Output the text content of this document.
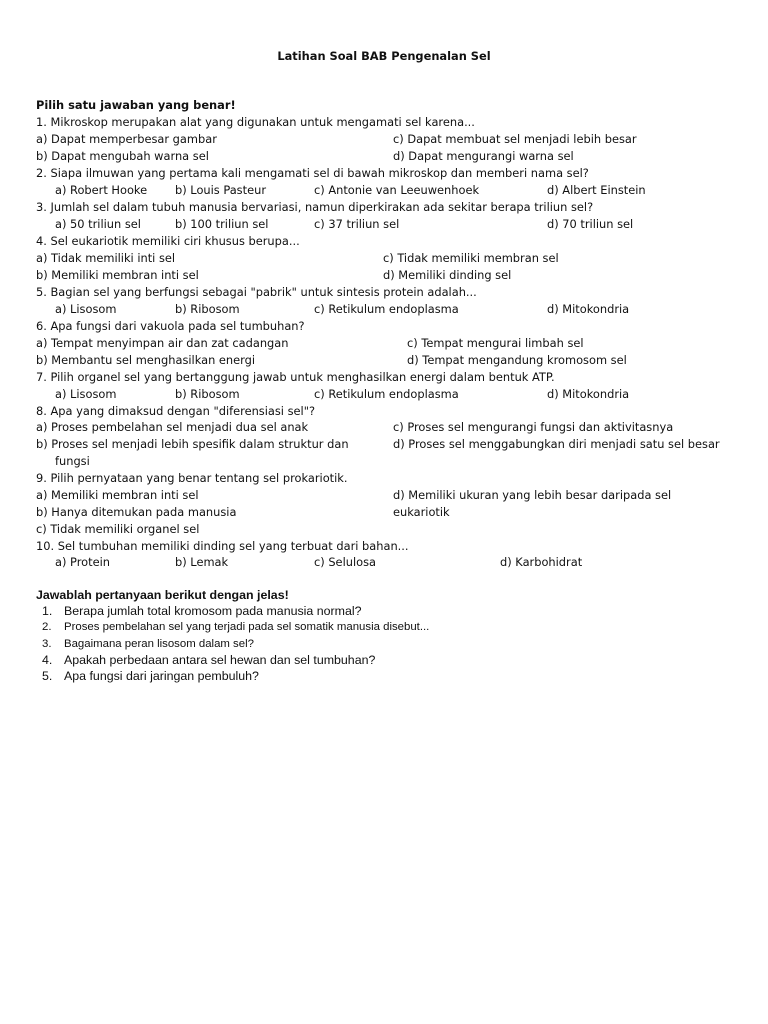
Latihan Soal BAB Pengenalan Sel
Pilih satu jawaban yang benar!
1. Mikroskop merupakan alat yang digunakan untuk mengamati sel karena...
a) Dapat memperbesar gambar	c) Dapat membuat sel menjadi lebih besar
b) Dapat mengubah warna sel	d) Dapat mengurangi warna sel
2. Siapa ilmuwan yang pertama kali mengamati sel di bawah mikroskop dan memberi nama sel?
a) Robert Hooke b) Louis Pasteur	c) Antonie van Leeuwenhoek	d) Albert Einstein
3. Jumlah sel dalam tubuh manusia bervariasi, namun diperkirakan ada sekitar berapa triliun sel?
a) 50 triliun sel	b) 100 triliun sel	c) 37 triliun sel	d) 70 triliun sel
4. Sel eukariotik memiliki ciri khusus berupa...
a) Tidak memiliki inti sel	c) Tidak memiliki membran sel
b) Memiliki membran inti sel	d) Memiliki dinding sel
5. Bagian sel yang berfungsi sebagai "pabrik" untuk sintesis protein adalah...
a) Lisosom	b) Ribosom	c) Retikulum endoplasma	d) Mitokondria
6. Apa fungsi dari vakuola pada sel tumbuhan?
a) Tempat menyimpan air dan zat cadangan	c) Tempat mengurai limbah sel
b) Membantu sel menghasilkan energi	d) Tempat mengandung kromosom sel
7. Pilih organel sel yang bertanggung jawab untuk menghasilkan energi dalam bentuk ATP.
a) Lisosom	b) Ribosom	c) Retikulum endoplasma	d) Mitokondria
8. Apa yang dimaksud dengan "diferensiasi sel"?
a) Proses pembelahan sel menjadi dua sel anak	c) Proses sel mengurangi fungsi dan aktivitasnya
b) Proses sel menjadi lebih spesifik dalam struktur dan	d) Proses sel menggabungkan diri menjadi satu sel besar
fungsi
9. Pilih pernyataan yang benar tentang sel prokariotik.
a) Memiliki membran inti sel	d) Memiliki ukuran yang lebih besar daripada sel
b) Hanya ditemukan pada manusia	eukariotik
c) Tidak memiliki organel sel
10. Sel tumbuhan memiliki dinding sel yang terbuat dari bahan...
a) Protein	b) Lemak	c) Selulosa	d) Karbohidrat
Jawablah pertanyaan berikut dengan jelas!
1. Berapa jumlah total kromosom pada manusia normal?
2. Proses pembelahan sel yang terjadi pada sel somatik manusia disebut...
3. Bagaimana peran lisosom dalam sel?
4. Apakah perbedaan antara sel hewan dan sel tumbuhan?
5. Apa fungsi dari jaringan pembuluh?
